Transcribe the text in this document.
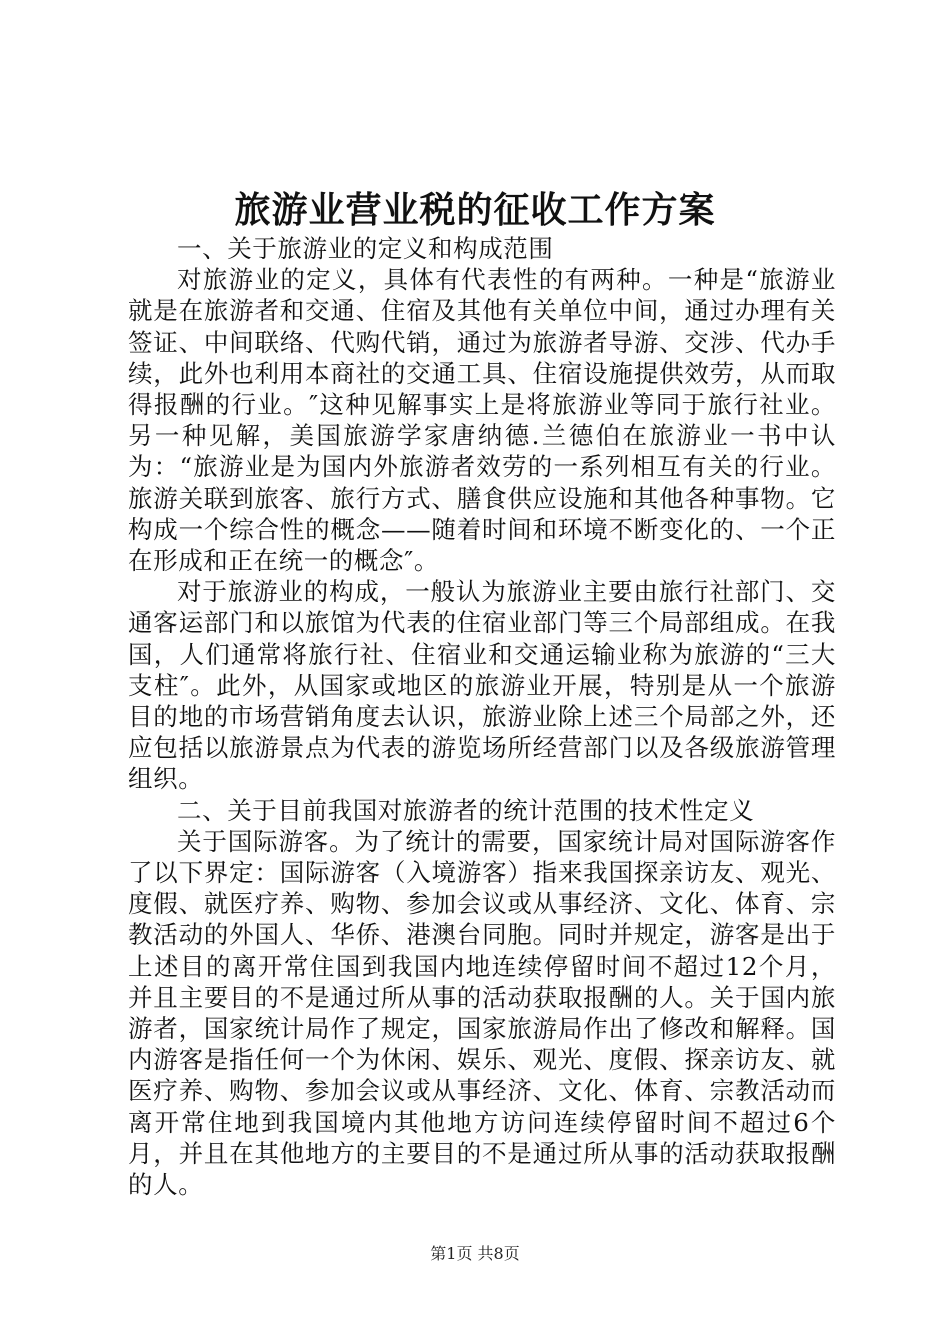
旅游业营业税的征收工作方案

一、关于旅游业的定义和构成范围

对旅游业的定义，具体有代表性的有两种。一种是“旅游业就是在旅游者和交通、住宿及其他有关单位中间，通过办理有关签证、中间联络、代购代销，通过为旅游者导游、交涉、代办手续，此外也利用本商社的交通工具、住宿设施提供效劳，从而取得报酬的行业。″这种见解事实上是将旅游业等同于旅行社业。另一种见解，美国旅游学家唐纳德.兰德伯在旅游业一书中认为：“旅游业是为国内外旅游者效劳的一系列相互有关的行业。旅游关联到旅客、旅行方式、膳食供应设施和其他各种事物。它构成一个综合性的概念——随着时间和环境不断变化的、一个正在形成和正在统一的概念″。

对于旅游业的构成，一般认为旅游业主要由旅行社部门、交通客运部门和以旅馆为代表的住宿业部门等三个局部组成。在我国，人们通常将旅行社、住宿业和交通运输业称为旅游的“三大支柱″。此外，从国家或地区的旅游业开展，特别是从一个旅游目的地的市场营销角度去认识，旅游业除上述三个局部之外，还应包括以旅游景点为代表的游览场所经营部门以及各级旅游管理组织。

二、关于目前我国对旅游者的统计范围的技术性定义

关于国际游客。为了统计的需要，国家统计局对国际游客作了以下界定：国际游客（入境游客）指来我国探亲访友、观光、度假、就医疗养、购物、参加会议或从事经济、文化、体育、宗教活动的外国人、华侨、港澳台同胞。同时并规定，游客是出于上述目的离开常住国到我国内地连续停留时间不超过12个月，并且主要目的不是通过所从事的活动获取报酬的人。关于国内旅游者，国家统计局作了规定，国家旅游局作出了修改和解释。国内游客是指任何一个为休闲、娱乐、观光、度假、探亲访友、就医疗养、购物、参加会议或从事经济、文化、体育、宗教活动而离开常住地到我国境内其他地方访问连续停留时间不超过6个月，并且在其他地方的主要目的不是通过所从事的活动获取报酬的人。

第1页 共8页
